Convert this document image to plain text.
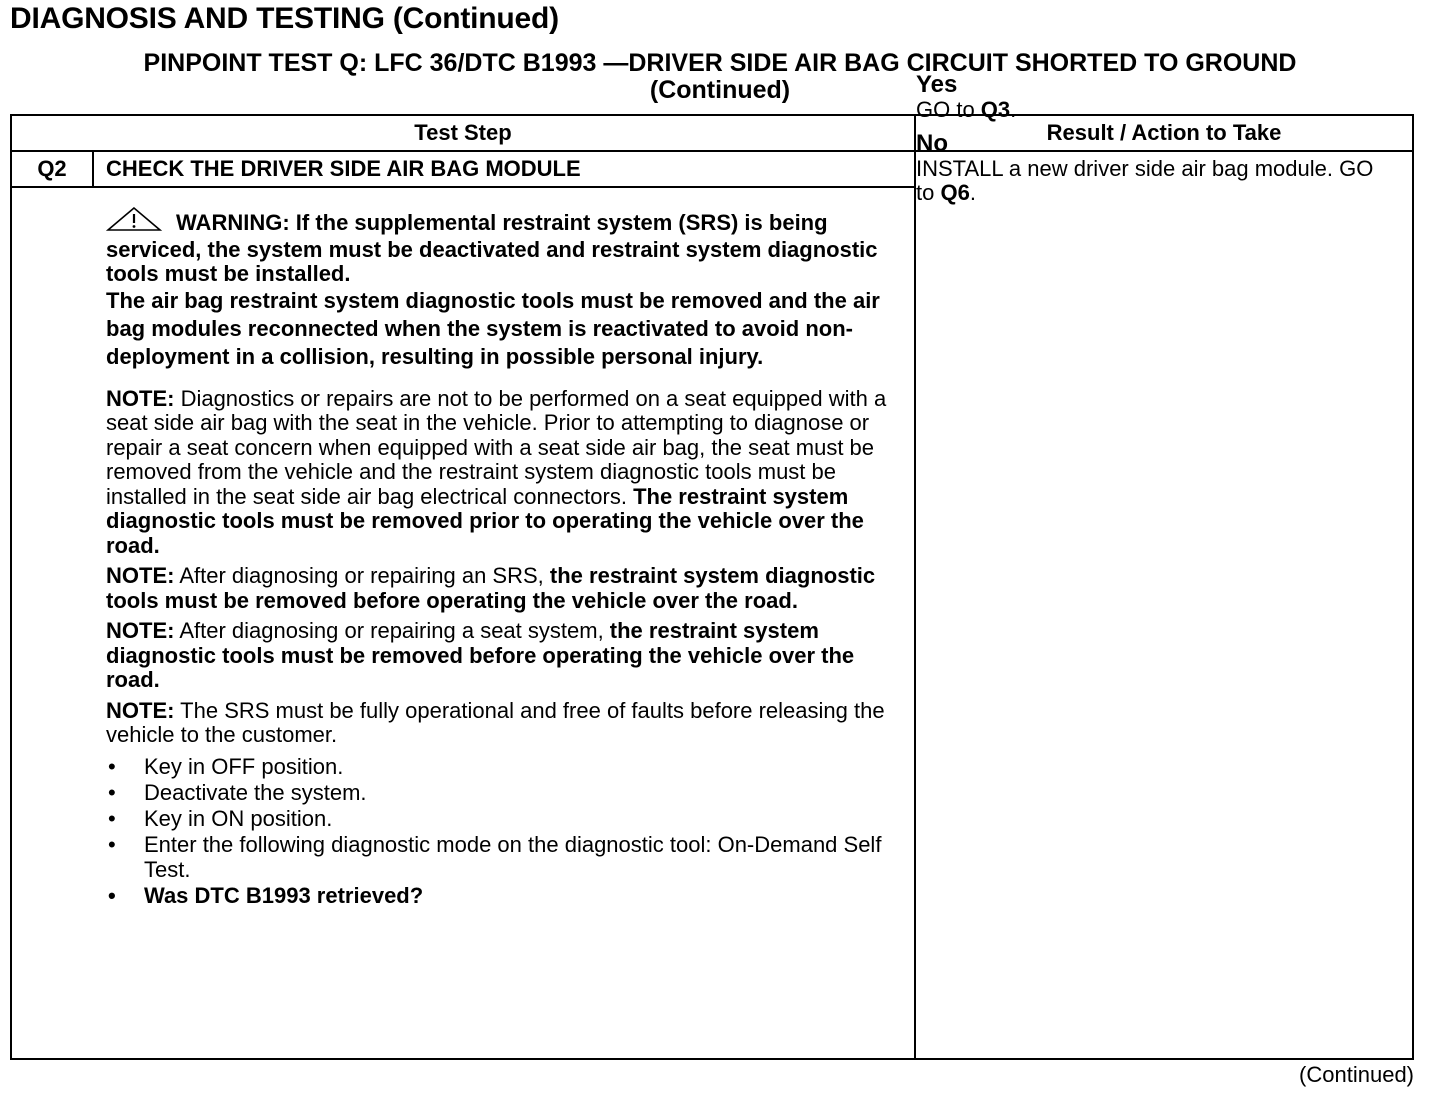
DIAGNOSIS AND TESTING (Continued)
PINPOINT TEST Q: LFC 36/DTC B1993 —DRIVER SIDE AIR BAG CIRCUIT SHORTED TO GROUND
(Continued)
Test Step	Result / Action to Take
Q2	CHECK THE DRIVER SIDE AIR BAG MODULE

WARNING: If the supplemental restraint system (SRS) is being serviced, the system must be deactivated and restraint system diagnostic tools must be installed.

The air bag restraint system diagnostic tools must be removed and the air bag modules reconnected when the system is reactivated to avoid non-deployment in a collision, resulting in possible personal injury.

NOTE: Diagnostics or repairs are not to be performed on a seat equipped with a seat side air bag with the seat in the vehicle. Prior to attempting to diagnose or repair a seat concern when equipped with a seat side air bag, the seat must be removed from the vehicle and the restraint system diagnostic tools must be installed in the seat side air bag electrical connectors. The restraint system diagnostic tools must be removed prior to operating the vehicle over the road.

NOTE: After diagnosing or repairing an SRS, the restraint system diagnostic tools must be removed before operating the vehicle over the road.

NOTE: After diagnosing or repairing a seat system, the restraint system diagnostic tools must be removed before operating the vehicle over the road.

NOTE: The SRS must be fully operational and free of faults before releasing the vehicle to the customer.

• Key in OFF position.
• Deactivate the system.
• Key in ON position.
• Enter the following diagnostic mode on the diagnostic tool: On-Demand Self Test.
• Was DTC B1993 retrieved?
Yes
GO to Q3.
No
INSTALL a new driver side air bag module. GO to Q6.
(Continued)
